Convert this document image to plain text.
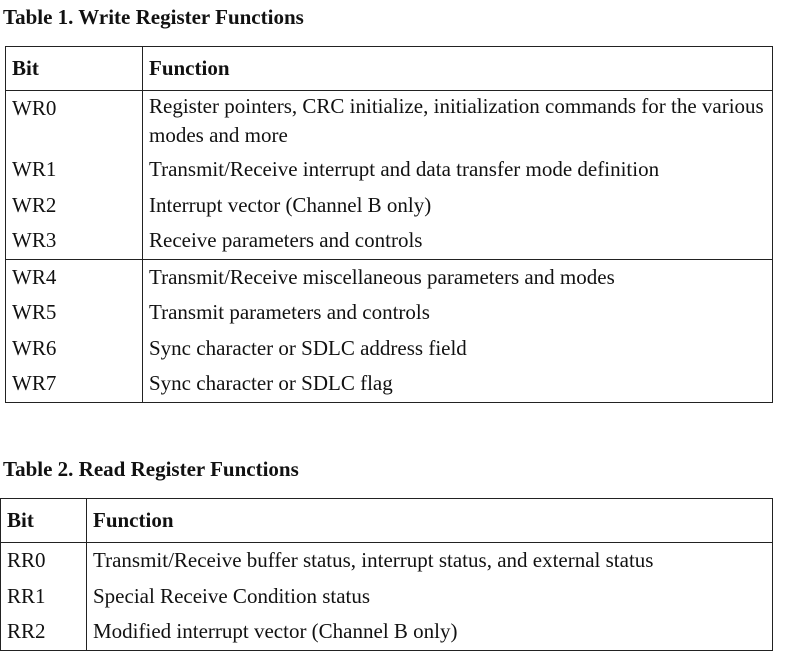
Table 1. Write Register Functions

Bit	Function
WR0	Register pointers, CRC initialize, initialization commands for the various modes and more
WR1	Transmit/Receive interrupt and data transfer mode definition
WR2	Interrupt vector (Channel B only)
WR3	Receive parameters and controls
WR4	Transmit/Receive miscellaneous parameters and modes
WR5	Transmit parameters and controls
WR6	Sync character or SDLC address field
WR7	Sync character or SDLC flag

Table 2. Read Register Functions

Bit	Function
RR0	Transmit/Receive buffer status, interrupt status, and external status
RR1	Special Receive Condition status
RR2	Modified interrupt vector (Channel B only)
